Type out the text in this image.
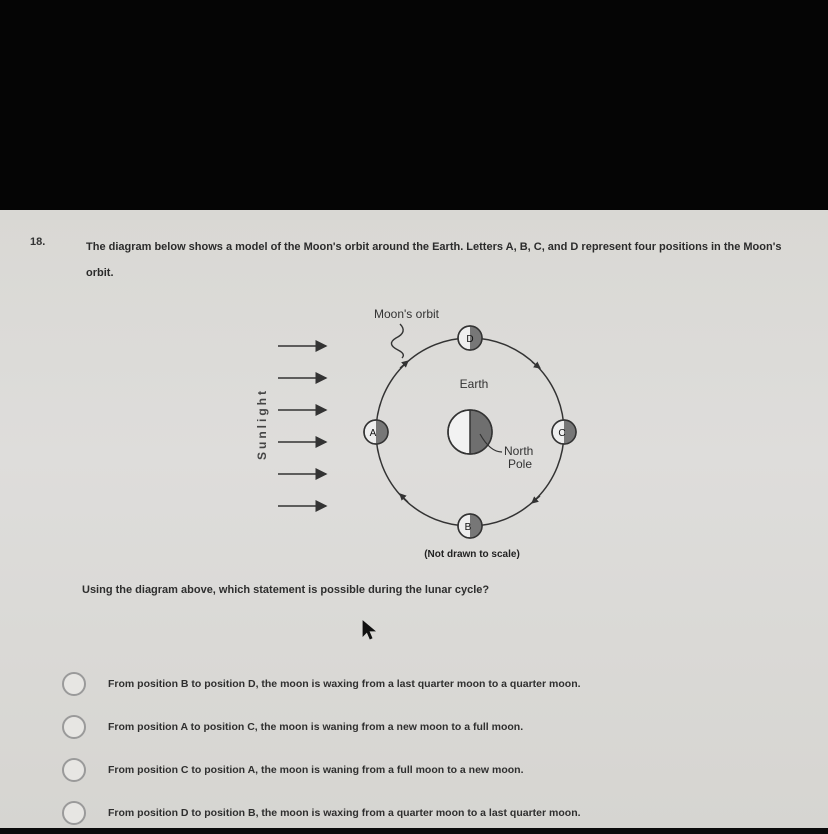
18.	The diagram below shows a model of the Moon's orbit around the Earth. Letters A, B, C, and D represent four positions in the Moon's orbit.
Sunlight
Moon's orbit
Earth
North Pole
D
A	C
B
(Not drawn to scale)
Using the diagram above, which statement is possible during the lunar cycle?
From position B to position D, the moon is waxing from a last quarter moon to a quarter moon.
From position A to position C, the moon is waning from a new moon to a full moon.
From position C to position A, the moon is waning from a full moon to a new moon.
From position D to position B, the moon is waxing from a quarter moon to a last quarter moon.
